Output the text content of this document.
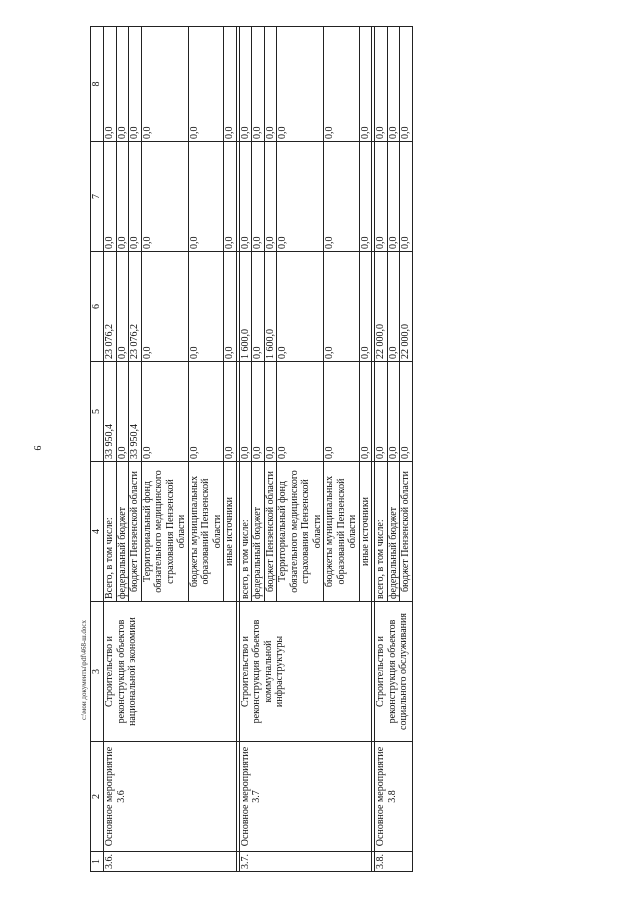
9
c:\мои документы\pdf\468-ш.docx
1	2	3	4	5	6	7	8
3.6.	Основное мероприятие 3.6	Строительство и реконструкция объектов национальной экономики	Всего, в том числе:	33 950,4	23 076,2	0,0	0,0
			федеральный бюджет	0,0	0,0	0,0	0,0
			бюджет Пензенской области	33 950,4	23 076,2	0,0	0,0
			Территориальный фонд обязательного медицинского страхования Пензенской области	0,0	0,0	0,0	0,0
			бюджеты муниципальных образований Пензенской области	0,0	0,0	0,0	0,0
			иные источники	0,0	0,0	0,0	0,0

3.7.	Основное мероприятие 3.7	Строительство и реконструкция объектов коммунальной инфраструктуры	всего, в том числе:	0,0	1 600,0	0,0	0,0
			федеральный бюджет	0,0	0,0	0,0	0,0
			бюджет Пензенской области	0,0	1 600,0	0,0	0,0
			Территориальный фонд обязательного медицинского страхования Пензенской области	0,0	0,0	0,0	0,0
			бюджеты муниципальных образований Пензенской области	0,0	0,0	0,0	0,0
			иные источники	0,0	0,0	0,0	0,0

3.8.	Основное мероприятие 3.8	Строительство и реконструкция объектов социального обслуживания	всего, в том числе:	0,0	22 000,0	0,0	0,0
			федеральный бюджет	0,0	0,0	0,0	0,0
			бюджет Пензенской области	0,0	22 000,0	0,0	0,0
